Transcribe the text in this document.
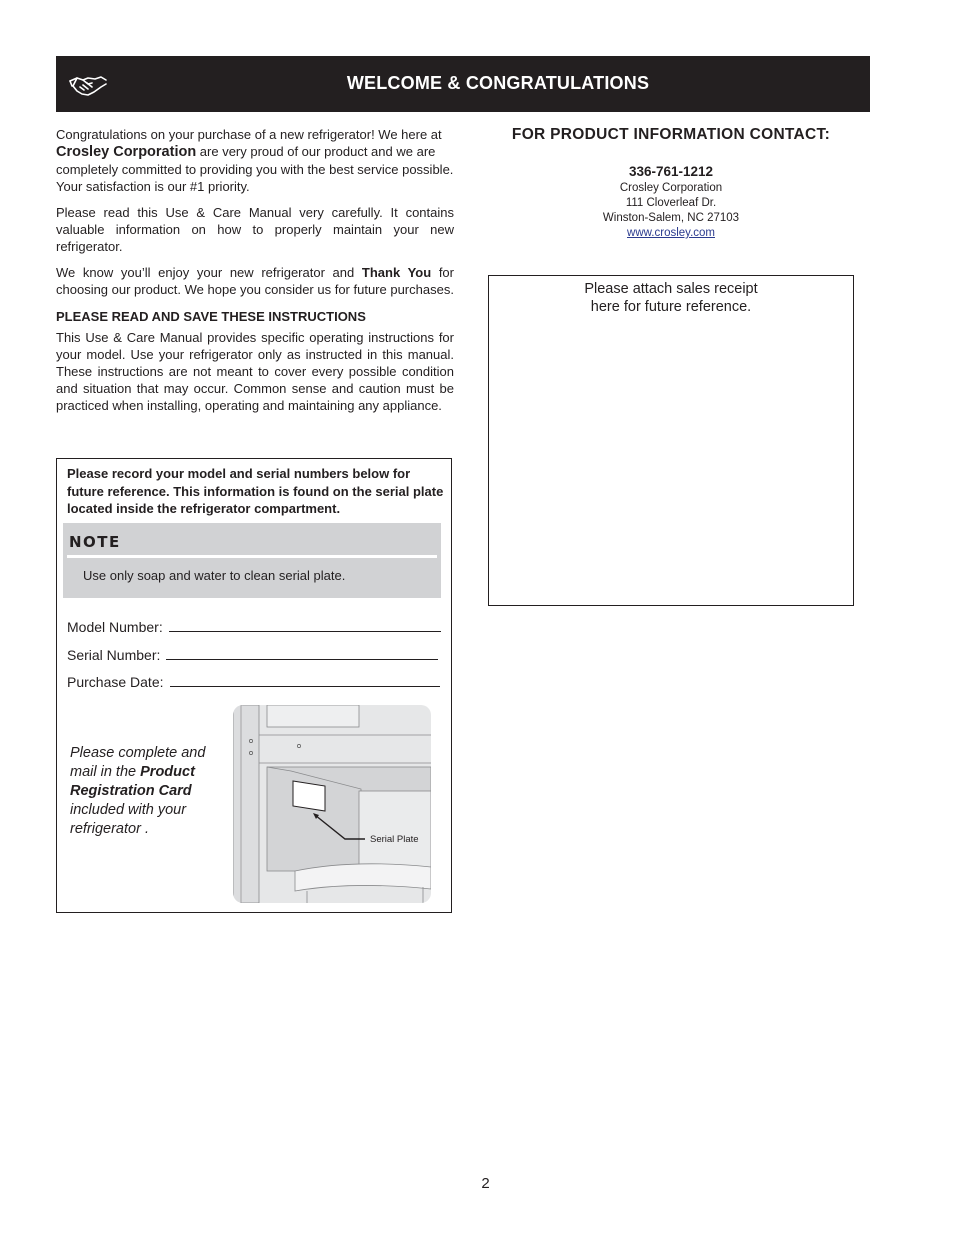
WELCOME & CONGRATULATIONS

Congratulations on your purchase of a new refrigerator! We here at Crosley Corporation are very proud of our product and we are completely committed to providing you with the best service possible. Your satisfaction is our #1 priority.

Please read this Use & Care Manual very carefully. It contains valuable information on how to properly maintain your new refrigerator.

We know you’ll enjoy your new refrigerator and Thank You for choosing our product. We hope you consider us for future purchases.

PLEASE READ AND SAVE THESE INSTRUCTIONS

This Use & Care Manual provides specific operating instructions for your model. Use your refrigerator only as instructed in this manual. These instructions are not meant to cover every possible condition and situation that may occur. Common sense and caution must be practiced when installing, operating and maintaining any appliance.

Please record your model and serial numbers below for future reference. This information is found on the serial plate located inside the refrigerator compartment.
NOTE
Use only soap and water to clean serial plate.
Model Number:
Serial Number:
Purchase Date:
Please complete and mail in the Product Registration Card included with your refrigerator .
Serial Plate
FOR PRODUCT INFORMATION CONTACT:
336-761-1212
Crosley Corporation
111 Cloverleaf Dr.
Winston-Salem, NC 27103
www.crosley.com
Please attach sales receipt
here for future reference.
2
